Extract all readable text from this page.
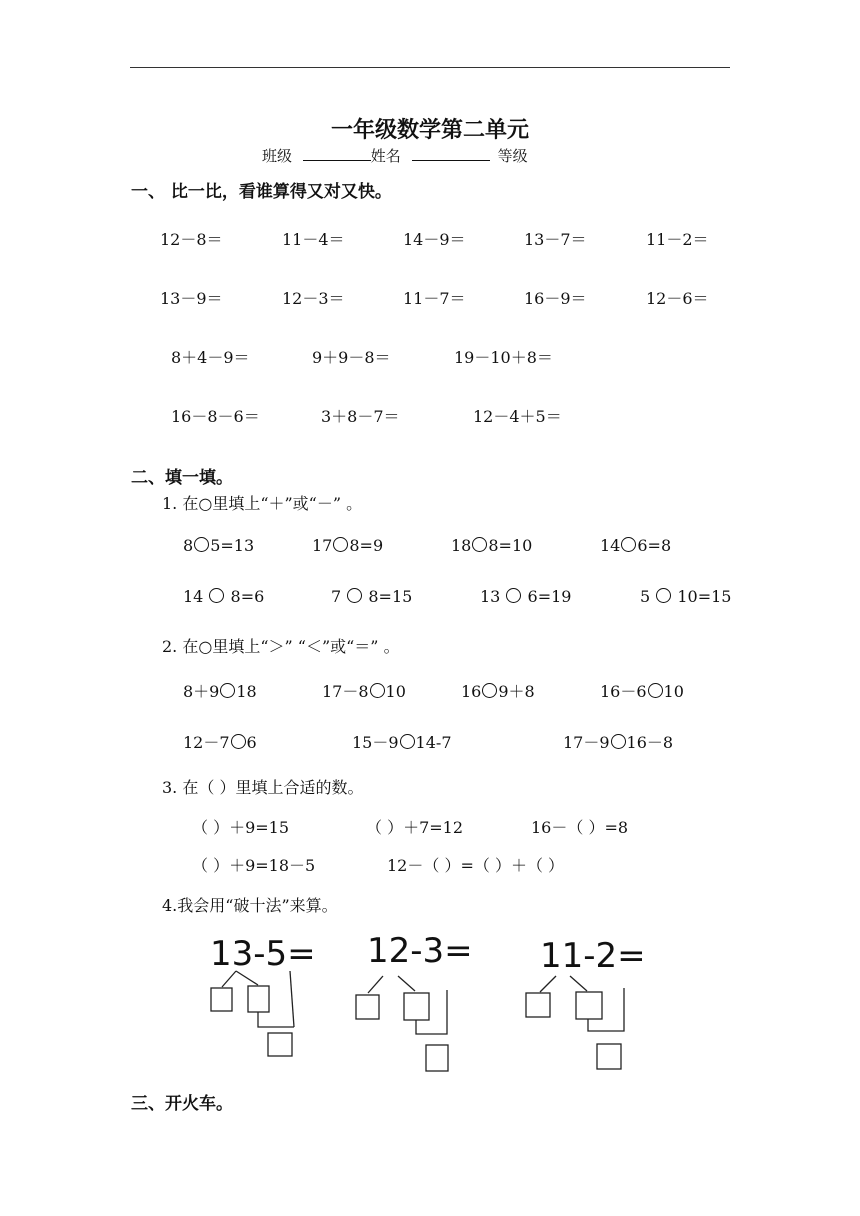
一年级数学第二单元
班级	姓名	等级
一、 比一比，看谁算得又对又快。
12－8＝	11－4＝	14－9＝	13－7＝	11－2＝
13－9＝	12－3＝	11－7＝	16－9＝	12－6＝
8＋4－9＝	9＋9－8＝	19－10＋8＝
16－8－6＝	3＋8－7＝	12－4＋5＝
二、填一填。
1. 在○里填上“＋”或“－” 。
8 5=13	17 8=9	18 8=10	14 6=8
14  8=6	7  8=15	13  6=19	5  10=15
2. 在○里填上“＞” “＜”或“＝” 。
8＋9 18	17－8 10	16 9＋8	16－6 10
12－7 6	15－9 14-7	17－9 16－8
3. 在（ ）里填上合适的数。
（ ）＋9=15	（ ）＋7=12	16－（ ）=8
（ ）＋9=18－5	12－（ ）=（ ）＋（ ）
4.我会用“破十法”来算。
13-5= 12-3= 11-2=
三、开火车。
